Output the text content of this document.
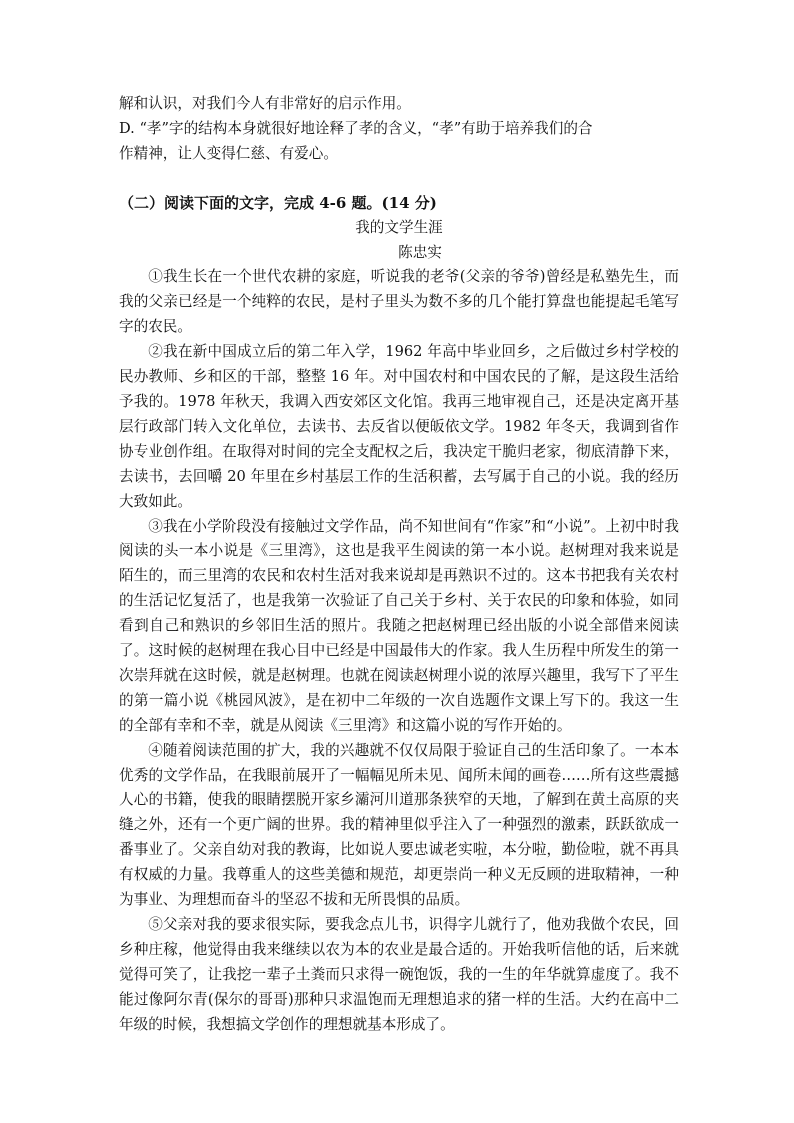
解和认识，对我们今人有非常好的启示作用。

D. “孝”字的结构本身就很好地诠释了孝的含义，“孝”有助于培养我们的合

作精神，让人变得仁慈、有爱心。

（二）阅读下面的文字，完成 4-6 题。(14 分)

我的文学生涯

陈忠实

①我生长在一个世代农耕的家庭，听说我的老爷(父亲的爷爷)曾经是私塾先生，而我的父亲已经是一个纯粹的农民，是村子里头为数不多的几个能打算盘也能提起毛笔写字的农民。

②我在新中国成立后的第二年入学，1962 年高中毕业回乡，之后做过乡村学校的民办教师、乡和区的干部，整整 16 年。对中国农村和中国农民的了解，是这段生活给予我的。1978 年秋天，我调入西安郊区文化馆。我再三地审视自己，还是决定离开基层行政部门转入文化单位，去读书、去反省以便皈依文学。1982 年冬天，我调到省作协专业创作组。在取得对时间的完全支配权之后，我决定干脆归老家，彻底清静下来，去读书，去回嚼 20 年里在乡村基层工作的生活积蓄，去写属于自己的小说。我的经历大致如此。

③我在小学阶段没有接触过文学作品，尚不知世间有“作家”和“小说”。上初中时我阅读的头一本小说是《三里湾》，这也是我平生阅读的第一本小说。赵树理对我来说是陌生的，而三里湾的农民和农村生活对我来说却是再熟识不过的。这本书把我有关农村的生活记忆复活了，也是我第一次验证了自己关于乡村、关于农民的印象和体验，如同看到自己和熟识的乡邻旧生活的照片。我随之把赵树理已经出版的小说全部借来阅读了。这时候的赵树理在我心目中已经是中国最伟大的作家。我人生历程中所发生的第一次崇拜就在这时候，就是赵树理。也就在阅读赵树理小说的浓厚兴趣里，我写下了平生的第一篇小说《桃园风波》，是在初中二年级的一次自选题作文课上写下的。我这一生的全部有幸和不幸，就是从阅读《三里湾》和这篇小说的写作开始的。

④随着阅读范围的扩大，我的兴趣就不仅仅局限于验证自己的生活印象了。一本本优秀的文学作品，在我眼前展开了一幅幅见所未见、闻所未闻的画卷……所有这些震撼人心的书籍，使我的眼睛摆脱开家乡灞河川道那条狭窄的天地，了解到在黄土高原的夹缝之外，还有一个更广阔的世界。我的精神里似乎注入了一种强烈的激素，跃跃欲成一番事业了。父亲自幼对我的教诲，比如说人要忠诚老实啦，本分啦，勤俭啦，就不再具有权威的力量。我尊重人的这些美德和规范，却更崇尚一种义无反顾的进取精神，一种为事业、为理想而奋斗的坚忍不拔和无所畏惧的品质。

⑤父亲对我的要求很实际，要我念点儿书，识得字儿就行了，他劝我做个农民，回乡种庄稼，他觉得由我来继续以农为本的农业是最合适的。开始我听信他的话，后来就觉得可笑了，让我挖一辈子土粪而只求得一碗饱饭，我的一生的年华就算虚度了。我不能过像阿尔青(保尔的哥哥)那种只求温饱而无理想追求的猪一样的生活。大约在高中二年级的时候，我想搞文学创作的理想就基本形成了。
